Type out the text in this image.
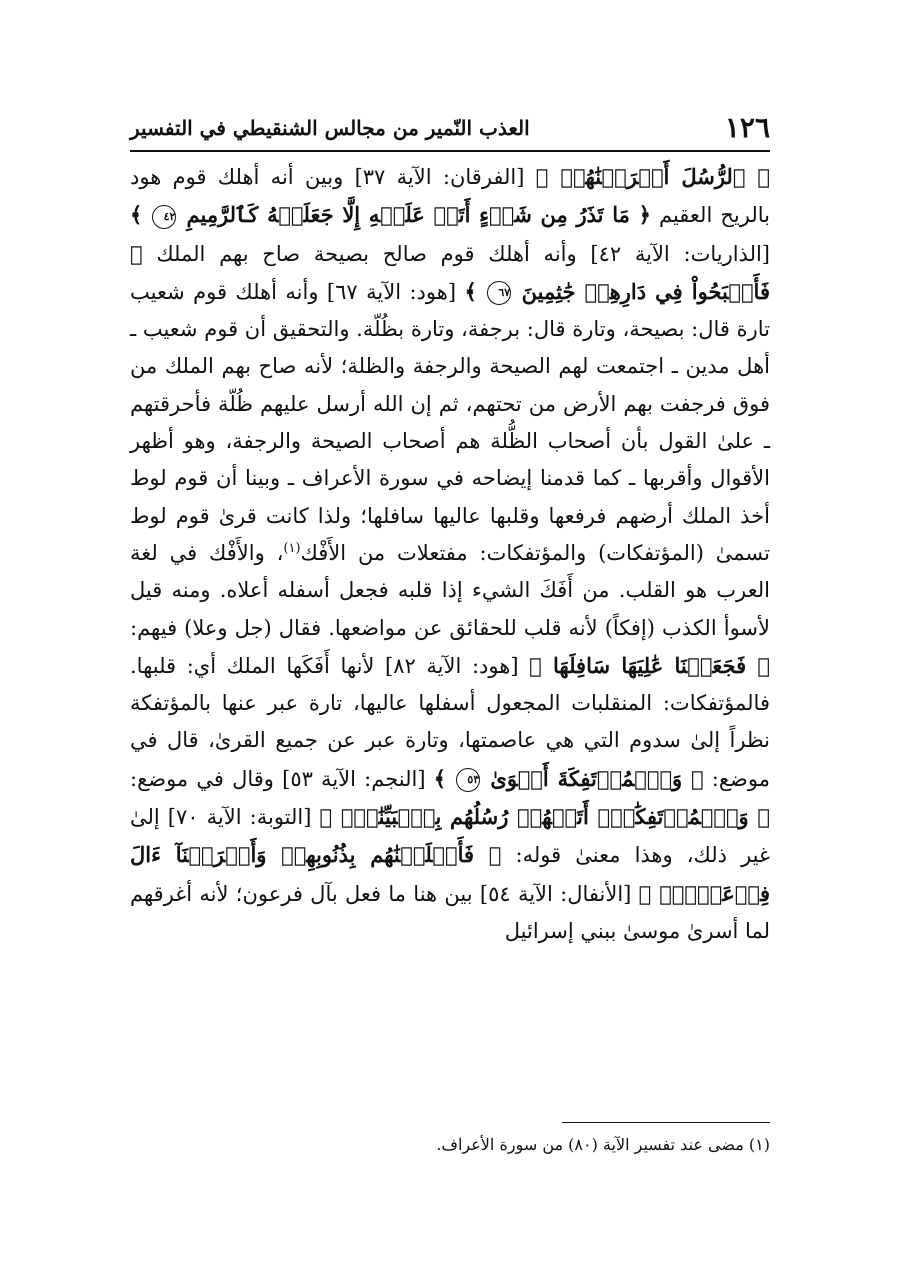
١٢٦
العذب النّمير من مجالس الشنقيطي في التفسير

﴿ ٱلرُّسُلَ أَغۡرَقۡنَٰهُمۡ ﴾ [الفرقان: الآية ٣٧] وبين أنه أهلك قوم هود بالريح العقيم ﴿ مَا تَذَرُ مِن شَيۡءٍ أَتَتۡ عَلَيۡهِ إِلَّا جَعَلَتۡهُ كَٱلرَّمِيمِ ٤٢ ﴾ [الذاريات: الآية ٤٢] وأنه أهلك قوم صالح بصيحة صاح بهم الملك ﴿ فَأَصۡبَحُواْ فِي دَارِهِمۡ جَٰثِمِينَ ٦٧ ﴾ [هود: الآية ٦٧] وأنه أهلك قوم شعيب تارة قال: بصيحة، وتارة قال: برجفة، وتارة بظُلّة. والتحقيق أن قوم شعيب ـ أهل مدين ـ اجتمعت لهم الصيحة والرجفة والظلة؛ لأنه صاح بهم الملك من فوق فرجفت بهم الأرض من تحتهم، ثم إن الله أرسل عليهم ظُلّة فأحرقتهم ـ علىٰ القول بأن أصحاب الظُّلة هم أصحاب الصيحة والرجفة، وهو أظهر الأقوال وأقربها ـ كما قدمنا إيضاحه في سورة الأعراف ـ وبينا أن قوم لوط أخذ الملك أرضهم فرفعها وقلبها عاليها سافلها؛ ولذا كانت قرىٰ قوم لوط تسمىٰ (المؤتفكات) والمؤتفكات: مفتعلات من الأَفْك$^{(١)}$، والأَفْك في لغة العرب هو القلب. من أَفَكَ الشيء إذا قلبه فجعل أسفله أعلاه. ومنه قيل لأسوأ الكذب (إفكاً) لأنه قلب للحقائق عن مواضعها. فقال (جل وعلا) فيهم: ﴿ فَجَعَلۡنَا عَٰلِيَهَا سَافِلَهَا ﴾ [هود: الآية ٨٢] لأنها أَفَكَها الملك أي: قلبها. فالمؤتفكات: المنقلبات المجعول أسفلها عاليها، تارة عبر عنها بالمؤتفكة نظراً إلىٰ سدوم التي هي عاصمتها، وتارة عبر عن جميع القرىٰ، قال في موضع: ﴿ وَٱلۡمُؤۡتَفِكَةَ أَهۡوَىٰ ٥٣ ﴾ [النجم: الآية ٥٣] وقال في موضع: ﴿ وَٱلۡمُؤۡتَفِكَٰتِۚ أَتَتۡهُمۡ رُسُلُهُم بِٱلۡبَيِّنَٰتِۖ ﴾ [التوبة: الآية ٧٠] إلىٰ غير ذلك، وهذا معنىٰ قوله: ﴿ فَأَهۡلَكۡنَٰهُم بِذُنُوبِهِمۡ وَأَغۡرَقۡنَآ ءَالَ فِرۡعَوۡنَۚ ﴾ [الأنفال: الآية ٥٤] بين هنا ما فعل بآل فرعون؛ لأنه أغرقهم لما أسرىٰ موسىٰ ببني إسرائيل

(١) مضى عند تفسير الآية (٨٠) من سورة الأعراف.
